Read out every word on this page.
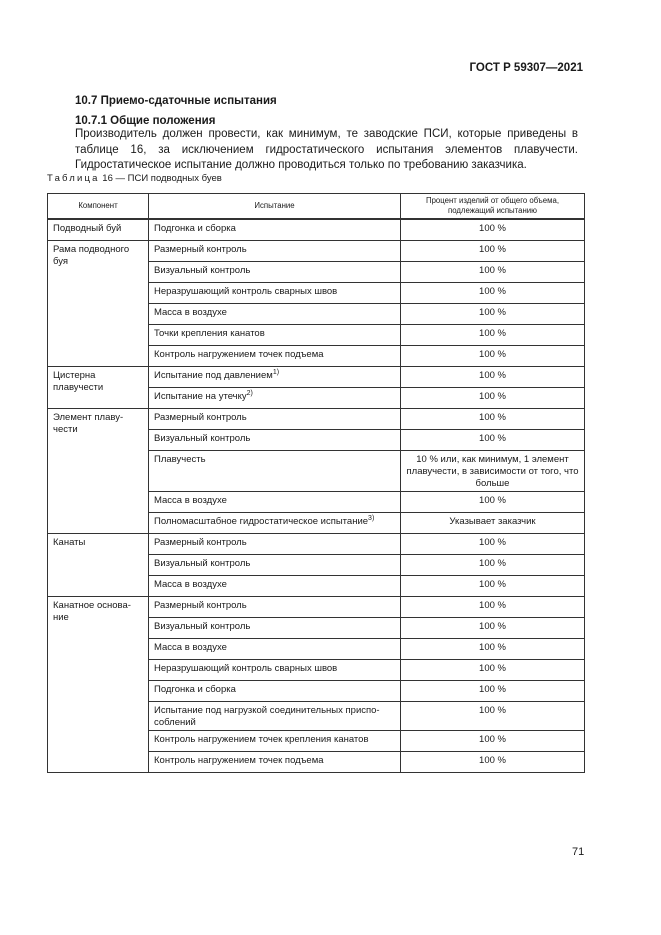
ГОСТ Р 59307—2021
10.7 Приемо-сдаточные испытания
10.7.1 Общие положения
Производитель должен провести, как минимум, те заводские ПСИ, которые приведены в таблице 16, за исключением гидростатического испытания элементов плавучести. Гидростатическое испытание должно проводиться только по требованию заказчика.
Таблица 16 — ПСИ подводных буев
Компонент	Испытание	Процент изделий от общего объема, подлежащий испытанию
Подводный буй	Подгонка и сборка	100 %
Рама подводного буя	Размерный контроль	100 %
	Визуальный контроль	100 %
	Неразрушающий контроль сварных швов	100 %
	Масса в воздухе	100 %
	Точки крепления канатов	100 %
	Контроль нагружением точек подъема	100 %
Цистерна плавучести	Испытание под давлением$^{1)}$	100 %
	Испытание на утечку$^{2)}$	100 %
Элемент плаву-чести	Размерный контроль	100 %
	Визуальный контроль	100 %
	Плавучесть	10 % или, как минимум, 1 элемент плавучести, в зависимости от того, что больше
	Масса в воздухе	100 %
	Полномасштабное гидростатическое испытание$^{3)}$	Указывает заказчик
Канаты	Размерный контроль	100 %
	Визуальный контроль	100 %
	Масса в воздухе	100 %
Канатное основа-ние	Размерный контроль	100 %
	Визуальный контроль	100 %
	Масса в воздухе	100 %
	Неразрушающий контроль сварных швов	100 %
	Подгонка и сборка	100 %
	Испытание под нагрузкой соединительных приспо-соблений	100 %
	Контроль нагружением точек крепления канатов	100 %
	Контроль нагружением точек подъема	100 %
71
